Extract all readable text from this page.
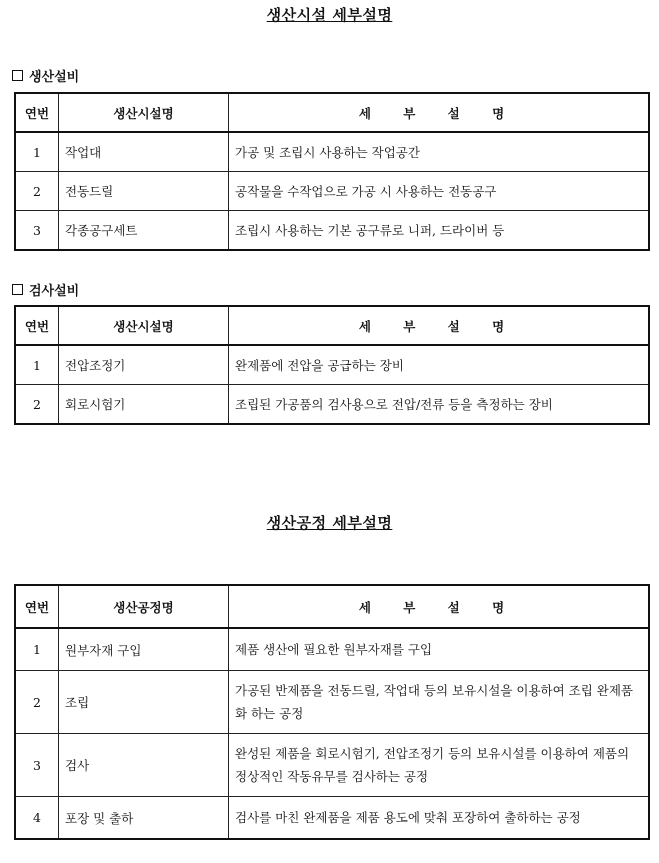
생산시설 세부설명
생산설비
연번	생산시설명	세 부 설 명
1	작업대	가공 및 조립시 사용하는 작업공간
2	전동드릴	공작물을 수작업으로 가공 시 사용하는 전동공구
3	각종공구세트	조립시 사용하는 기본 공구류로 니퍼, 드라이버 등
검사설비
연번	생산시설명	세 부 설 명
1	전압조정기	완제품에 전압을 공급하는 장비
2	회로시험기	조립된 가공품의 검사용으로 전압/전류 등을 측정하는 장비
생산공정 세부설명
연번	생산공정명	세 부 설 명
1	원부자재 구입	제품 생산에 필요한 원부자재를 구입
2	조립	가공된 반제품을 전동드릴, 작업대 등의 보유시설을 이용하여 조립 완제품화 하는 공정
3	검사	완성된 제품을 회로시험기, 전압조정기 등의 보유시설를 이용하여 제품의 정상적인 작동유무를 검사하는 공정
4	포장 및 출하	검사를 마친 완제품을 제품 용도에 맞춰 포장하여 출하하는 공정
